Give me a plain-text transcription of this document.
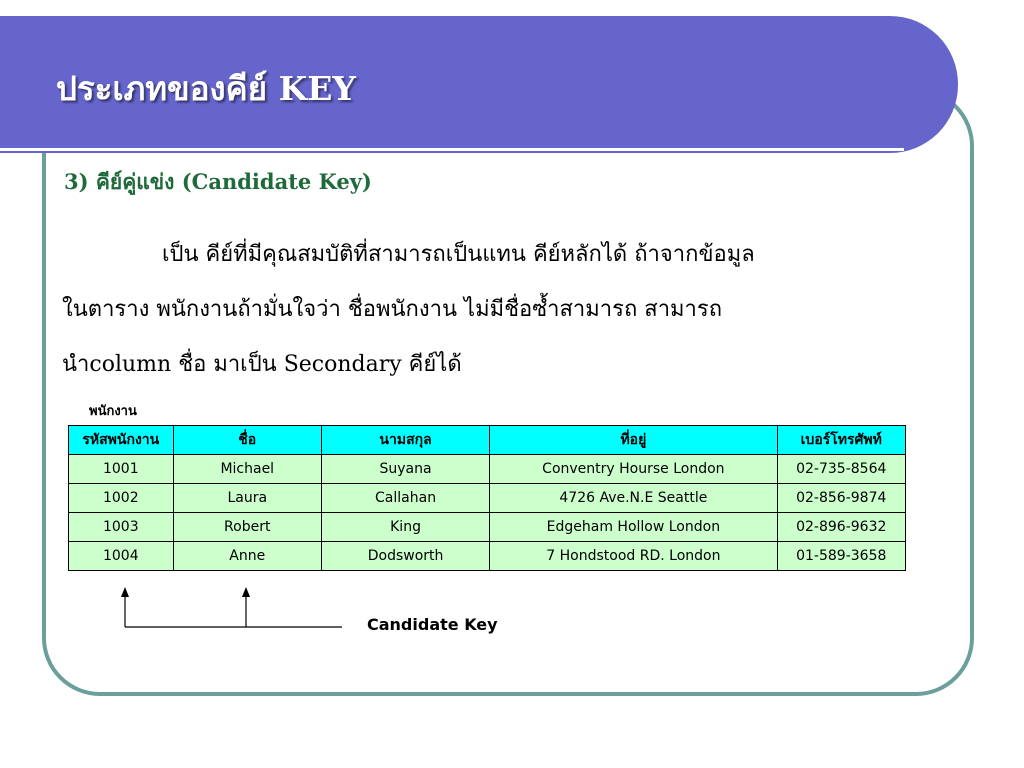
ประเภทของคีย์ KEY
3) คีย์คู่แข่ง (Candidate Key)
เป็น คีย์ที่มีคุณสมบัติที่สามารถเป็นแทน คีย์หลักได้ ถ้าจากข้อมูล
ในตาราง พนักงานถ้ามั่นใจว่า ชื่อพนักงาน ไม่มีชื่อซ้ำสามารถ สามารถ
นำcolumn ชื่อ มาเป็น Secondary คีย์ได้
พนักงาน
รหัสพนักงาน	ชื่อ	นามสกุล	ที่อยู่	เบอร์โทรศัพท์
1001	Michael	Suyana	Conventry Hourse London	02-735-8564
1002	Laura	Callahan	4726 Ave.N.E Seattle	02-856-9874
1003	Robert	King	Edgeham Hollow London	02-896-9632
1004	Anne	Dodsworth	7 Hondstood RD. London	01-589-3658
Candidate Key
